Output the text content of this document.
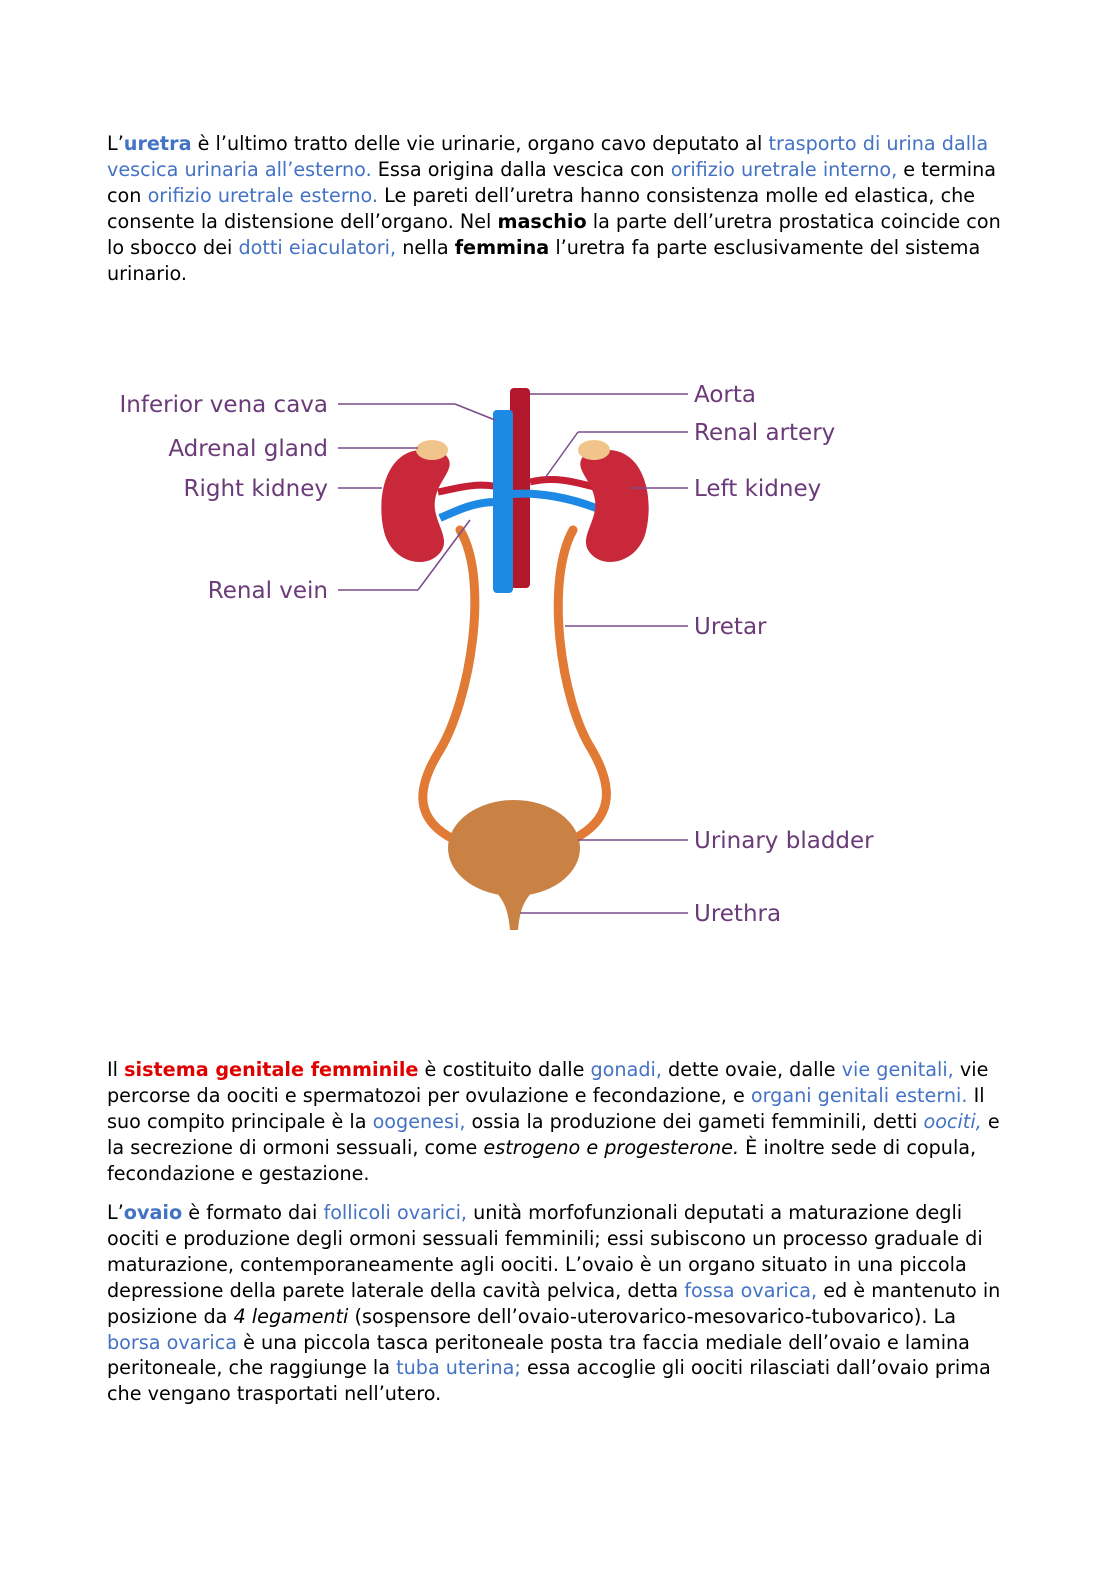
L’uretra è l’ultimo tratto delle vie urinarie, organo cavo deputato al trasporto di urina dalla vescica urinaria all’esterno. Essa origina dalla vescica con orifizio uretrale interno, e termina con orifizio uretrale esterno. Le pareti dell’uretra hanno consistenza molle ed elastica, che consente la distensione dell’organo. Nel maschio la parte dell’uretra prostatica coincide con lo sbocco dei dotti eiaculatori, nella femmina l’uretra fa parte esclusivamente del sistema urinario.

Inferior vena cava
Adrenal gland
Right kidney
Renal vein
Aorta
Renal artery
Left kidney
Uretar
Urinary bladder
Urethra

Il sistema genitale femminile è costituito dalle gonadi, dette ovaie, dalle vie genitali, vie percorse da oociti e spermatozoi per ovulazione e fecondazione, e organi genitali esterni. Il suo compito principale è la oogenesi, ossia la produzione dei gameti femminili, detti oociti, e la secrezione di ormoni sessuali, come estrogeno e progesterone. È inoltre sede di copula, fecondazione e gestazione.

L’ovaio è formato dai follicoli ovarici, unità morfofunzionali deputati a maturazione degli oociti e produzione degli ormoni sessuali femminili; essi subiscono un processo graduale di maturazione, contemporaneamente agli oociti. L’ovaio è un organo situato in una piccola depressione della parete laterale della cavità pelvica, detta fossa ovarica, ed è mantenuto in posizione da 4 legamenti (sospensore dell’ovaio-uterovarico-mesovarico-tubovarico). La borsa ovarica è una piccola tasca peritoneale posta tra faccia mediale dell’ovaio e lamina peritoneale, che raggiunge la tuba uterina; essa accoglie gli oociti rilasciati dall’ovaio prima che vengano trasportati nell’utero.
